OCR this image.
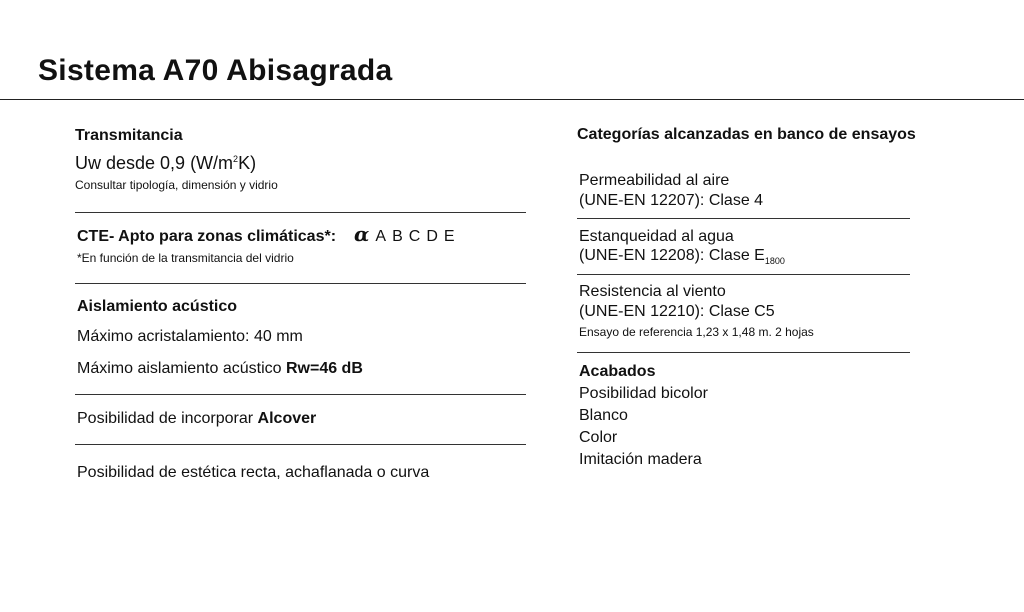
Sistema A70 Abisagrada
Transmitancia
Uw desde 0,9 $(W/m^2K)$
Consultar tipología, dimensión y vidrio
CTE- Apto para zonas climáticas*: α A B C D E
*En función de la transmitancia del vidrio
Aislamiento acústico
Máximo acristalamiento: 40 mm
Máximo aislamiento acústico Rw=46 dB
Posibilidad de incorporar Alcover
Posibilidad de estética recta, achaflanada o curva
Categorías alcanzadas en banco de ensayos
Permeabilidad al aire
(UNE-EN 12207): Clase 4
Estanqueidad al agua
(UNE-EN 12208): Clase $E_{1800}$
Resistencia al viento
(UNE-EN 12210): Clase C5
Ensayo de referencia 1,23 x 1,48 m. 2 hojas
Acabados
Posibilidad bicolor
Blanco
Color
Imitación madera
